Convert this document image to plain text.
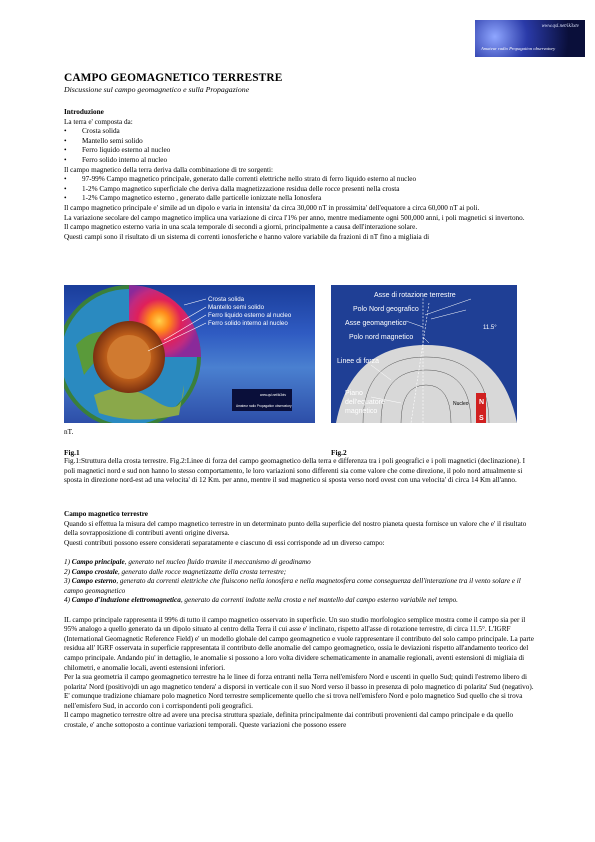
www.qsl.net/ik3xtv
Amateur radio Propagation observatory
CAMPO GEOMAGNETICO TERRESTRE
Discussione sul campo geomagnetico e sulla Propagazione
Introduzione
La terra e' composta da:
• Crosta solida
• Mantello semi solido
• Ferro liquido esterno al nucleo
• Ferro solido interno al nucleo
Il campo magnetico della terra deriva dalla combinazione di tre sorgenti:
• 97-99% Campo magnetico principale, generato dalle correnti elettriche nello strato di ferro liquido esterno al nucleo
• 1-2% Campo magnetico superficiale che deriva dalla magnetizzazione residua delle rocce presenti nella crosta
• 1-2% Campo magnetico esterno , generato dalle particelle ionizzate nella Ionosfera
Il campo magnetico principale e' simile ad un dipolo e varia in intensita' da circa 30,000 nT in prossimita' dell'equatore a circa 60,000 nT ai poli.
La variazione secolare del campo magnetico implica una variazione di circa l'1% per anno, mentre mediamente ogni 500,000 anni, i poli magnetici si invertono.
Il campo magnetico esterno varia in una scala temporale di secondi a giorni, principalmente a causa dell'interazione solare.
Questi campi sono il risultato di un sistema di correnti ionosferiche e hanno valore variabile da frazioni di nT fino a migliaia di
Crosta solida
Mantello semi solido
Ferro liquido esterno al nucleo
Ferro solido interno al nucleo
www.qsl.net/ik3xtv
Amateur radio Propagation observatory
Asse di rotazione terrestre
Polo Nord geografico
Asse geomagnetico
Polo nord magnetico
11.5°
Linee di forza
Piano
dell'equatore
magnetico
Nucleo N
S
nT.
Fig.1	Fig.2
Fig.1:Struttura della crosta terrestre. Fig.2:Linee di forza del campo geomagnetico della terra e differenza tra i poli geografici e i poli magnetici (declinazione). I poli magnetici nord e sud non hanno lo stesso comportamento, le loro variazioni sono differenti sia come valore che come direzione, il polo nord attualmente si sposta in direzione nord-est ad una velocita' di 12 Km. per anno, mentre il sud magnetico si sposta verso nord ovest con una velocita' di circa 14 Km all'anno.
Campo magnetico terrestre
Quando si effettua la misura del campo magnetico terrestre in un determinato punto della superficie del nostro pianeta questa fornisce un valore che e' il risultato della sovrapposizione di contributi aventi origine diversa.
Questi contributi possono essere considerati separatamente e ciascuno di essi corrisponde ad un diverso campo:
1) Campo principale, generato nel nucleo fluido tramite il meccanismo di geodinamo
2) Campo crostale, generato dalle rocce magnetizzatte della crosta terrestre;
3) Campo esterno, generato da correnti elettriche che fluiscono nella ionosfera e nella magnetosfera come conseguenza dell'interazione tra il vento solare e il campo geomagnetico
4) Campo d'induzione elettromagnetica, generato da correnti indotte nella crosta e nel mantello dal campo esterno variabile nel tempo.
IL campo principale rappresenta il 99% di tutto il campo magnetico osservato in superficie. Un suo studio morfologico semplice mostra come il campo sia per il 95% analogo a quello generato da un dipolo situato al centro della Terra il cui asse e' inclinato, rispetto all'asse di rotazione terrestre, di circa 11.5°. L'IGRF (International Geomagnetic Reference Field) e' un modello globale del campo geomagnetico e vuole rappresentare il contributo del solo campo principale. La parte residua all' IGRF osservata in superficie rappresentata il contributo delle anomalie del campo geomagnetico, ossia le deviazioni rispetto all'andamento teorico del campo principale. Andando piu' in dettaglio, le anomalie si possono a loro volta dividere schematicamente in anamalie regionali, aventi estensioni di migliaia di chilometri, e anomalie locali, aventi estensioni inferiori.
Per la sua geometria il campo geomagnetico terrestre ha le linee di forza entranti nella Terra nell'emisfero Nord e uscenti in quello Sud; quindi l'estremo libero di polarita' Nord (positivo)di un ago magnetico tendera' a disporsi in verticale con il suo Nord verso il basso in presenza di polo magnetico di polarita' Sud (negativo). E' comunque tradizione chiamare polo magnetico Nord terrestre semplicemente quello che si trova nell'emisfero Nord e polo magnetico Sud quello che si trova nell'emisfero Sud, in accordo con i corrispondenti poli geografici.
Il campo magnetico terrestre oltre ad avere una precisa struttura spaziale, definita principalmente dai contributi provenienti dal campo principale e da quello crostale, e' anche sottoposto a continue variazioni temporali. Queste variazioni che possono essere
